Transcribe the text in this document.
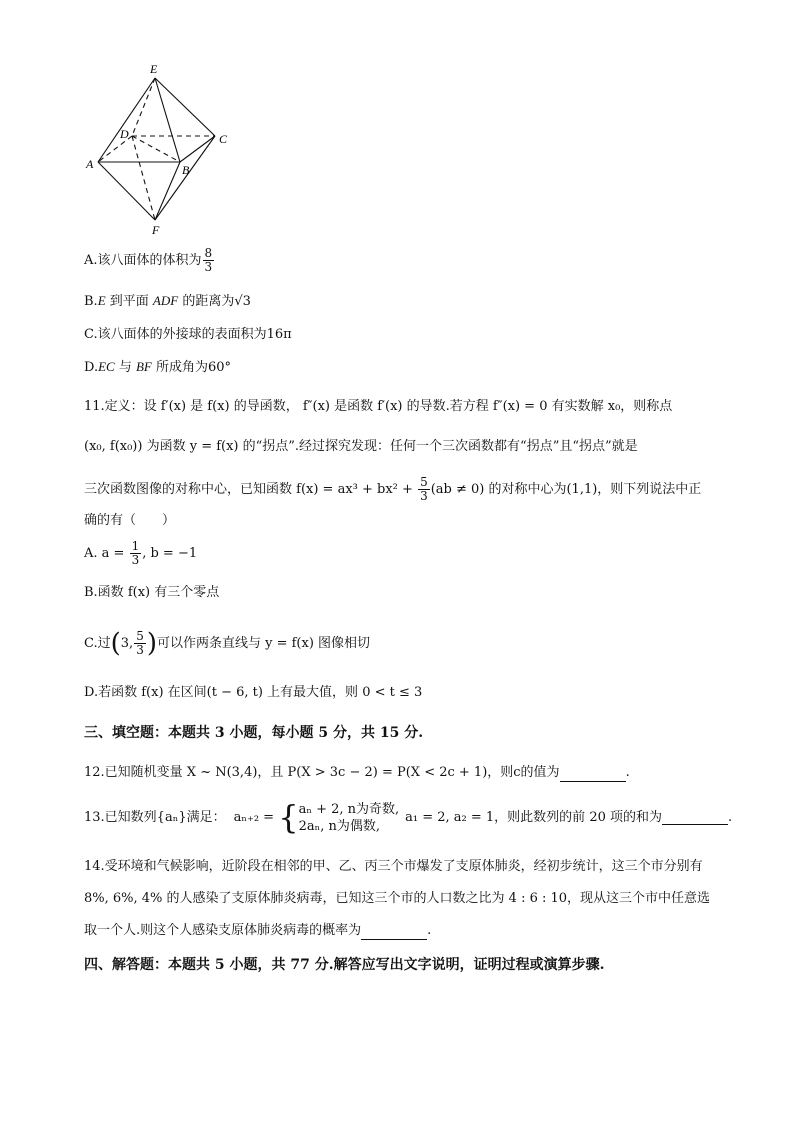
E
D	C
A	B
F
A.该八面体的体积为 $\frac{8}{3}$
B.E 到平面 ADF 的距离为√3
C.该八面体的外接球的表面积为16π
D.EC 与 BF 所成角为60°
11.定义：设 f′(x) 是 f(x) 的导函数， f″(x) 是函数 f′(x) 的导数.若方程 f″(x) = 0 有实数解 x₀，则称点
(x₀, f(x₀)) 为函数 y = f(x) 的“拐点”.经过探究发现：任何一个三次函数都有“拐点”且“拐点”就是
三次函数图像的对称中心，已知函数 $f(x) = ax^3 + bx^2 + \frac{5}{3} (ab \ne 0)$ 的对称中心为(1,1)，则下列说法中正
确的有（　　）
A. $a = \frac{1}{3}$ , b = −1
B.函数 f(x) 有三个零点
C.过(3, $\frac{5}{3}$ )可以作两条直线与 y = f(x) 图像相切
D.若函数 f(x) 在区间(t − 6, t) 上有最大值，则 0 < t ≤ 3
三、填空题：本题共 3 小题，每小题 5 分，共 15 分.
12.已知随机变量 X ~ N(3,4)，且 P(X > 3c − 2) = P(X < 2c + 1)，则c的值为	.
13.已知数列{aₙ}满足： aₙ₊₂ = { aₙ + 2, n为奇数,
2aₙ, n为偶数,
a₁ = 2, a₂ = 1，则此数列的前 20 项的和为	.
14.受环境和气候影响，近阶段在相邻的甲、乙、丙三个市爆发了支原体肺炎，经初步统计，这三个市分别有
8%, 6%, 4% 的人感染了支原体肺炎病毒，已知这三个市的人口数之比为 4 : 6 : 10，现从这三个市中任意选
取一个人.则这个人感染支原体肺炎病毒的概率为	.
四、解答题：本题共 5 小题，共 77 分.解答应写出文字说明，证明过程或演算步骤.
